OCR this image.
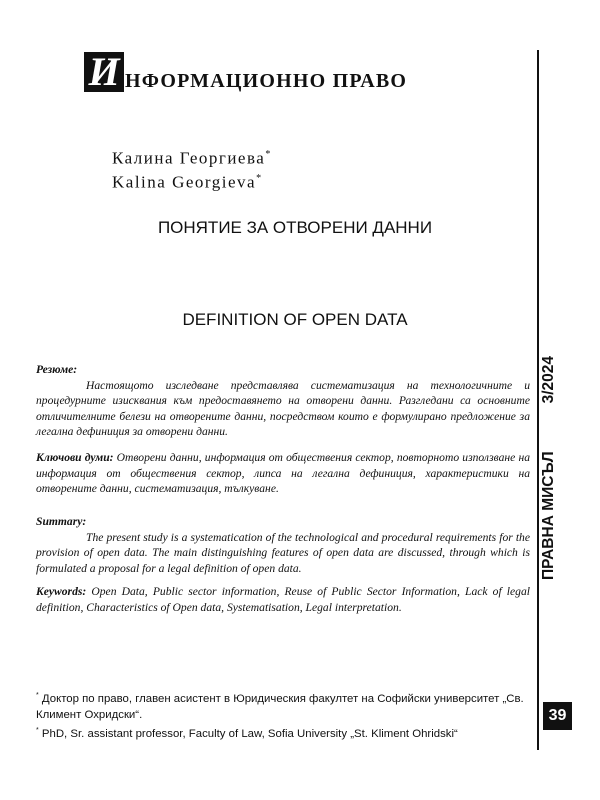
И НФОРМАЦИОННО ПРАВО
Калина Георгиева*
Kalina Georgieva*
ПОНЯТИЕ ЗА ОТВОРЕНИ ДАННИ
DEFINITION OF OPEN DATA
Резюме:

Настоящото изследване представлява систематизация на технологичните и процедурните изисквания към предоставянето на отворени данни. Разгледани са основните отличителните белези на отворените данни, посредством които е формулирано предложение за легална дефиниция за отворени данни.

Ключови думи: Отворени данни, информация от обществения сектор, повторното използване на информация от обществения сектор, липса на легална дефиниция, характеристики на отворените данни, систематизация, тълкуване.

Summary:

The present study is a systematication of the technological and procedural requirements for the provision of open data. The main distinguishing features of open data are discussed, through which is formulated a proposal for a legal definition of open data.

Keywords: Open Data, Public sector information, Reuse of Public Sector Information, Lack of legal definition, Characteristics of Open data, Systematisation, Legal interpretation.

* Доктор по право, главен асистент в Юридическия факултет на Софийски университет „Св. Климент Охридски“.

* PhD, Sr. assistant professor, Faculty of Law, Sofia University „St. Kliment Ohridski“

ПРАВНА МИСЪЛ
3/2024
39
